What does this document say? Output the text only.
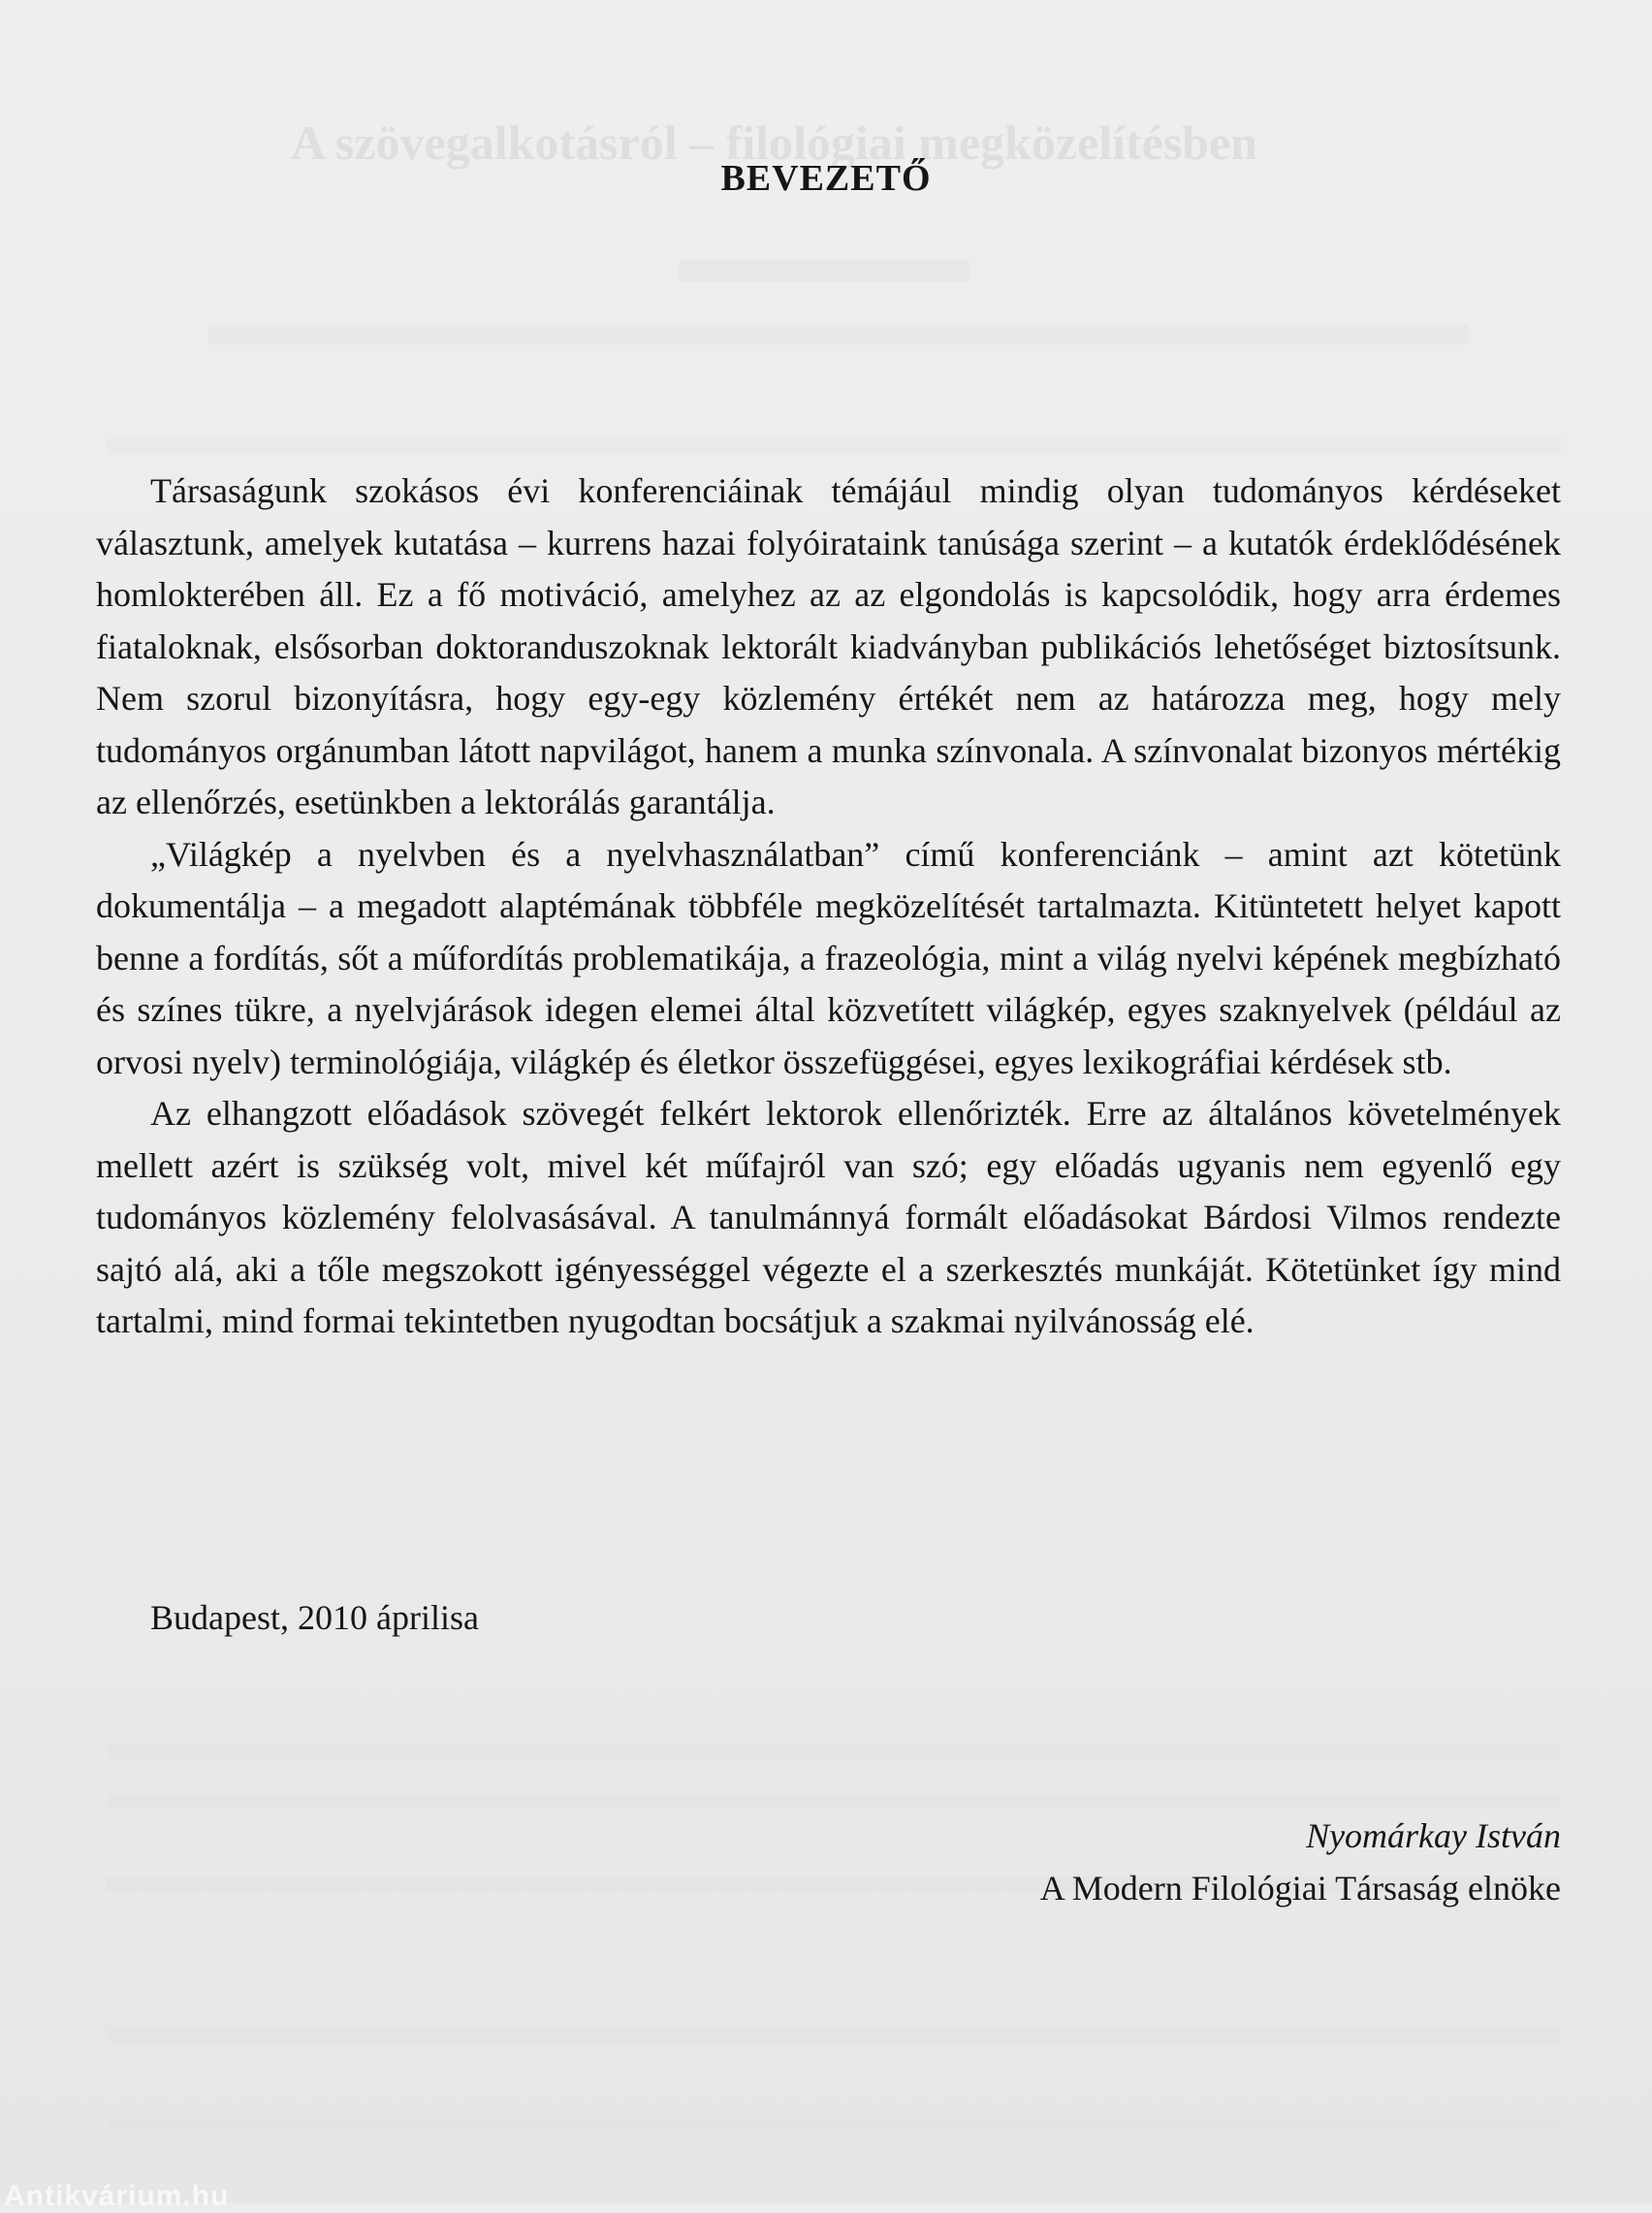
A szövegalkotásról – filológiai megközelítésben
BEVEZETŐ

Társaságunk szokásos évi konferenciáinak témájául mindig olyan tudományos kérdéseket választunk, amelyek kutatása – kurrens hazai folyóirataink tanúsága szerint – a kutatók érdeklődésének homlokterében áll. Ez a fő motiváció, amelyhez az az elgondolás is kapcsolódik, hogy arra érdemes fiataloknak, elsősorban doktoranduszoknak lektorált kiadványban publikációs lehetőséget biztosítsunk. Nem szorul bizonyításra, hogy egy-egy közlemény értékét nem az határozza meg, hogy mely tudományos orgánumban látott napvilágot, hanem a munka színvonala. A színvonalat bizonyos mértékig az ellenőrzés, esetünkben a lektorálás garantálja.

„Világkép a nyelvben és a nyelvhasználatban” című konferenciánk – amint azt kötetünk dokumentálja – a megadott alaptémának többféle megközelítését tartalmazta. Kitüntetett helyet kapott benne a fordítás, sőt a műfordítás problematikája, a frazeológia, mint a világ nyelvi képének megbízható és színes tükre, a nyelvjárások idegen elemei által közvetített világkép, egyes szaknyelvek (például az orvosi nyelv) terminológiája, világkép és életkor összefüggései, egyes lexikográfiai kérdések stb.

Az elhangzott előadások szövegét felkért lektorok ellenőrizték. Erre az általános követelmények mellett azért is szükség volt, mivel két műfajról van szó; egy előadás ugyanis nem egyenlő egy tudományos közlemény felolvasásával. A tanulmánnyá formált előadásokat Bárdosi Vilmos rendezte sajtó alá, aki a tőle megszokott igényességgel végezte el a szerkesztés munkáját. Kötetünket így mind tartalmi, mind formai tekintetben nyugodtan bocsátjuk a szakmai nyilvánosság elé.

Budapest, 2010 áprilisa
Nyomárkay István
A Modern Filológiai Társaság elnöke
Antikvárium.hu
